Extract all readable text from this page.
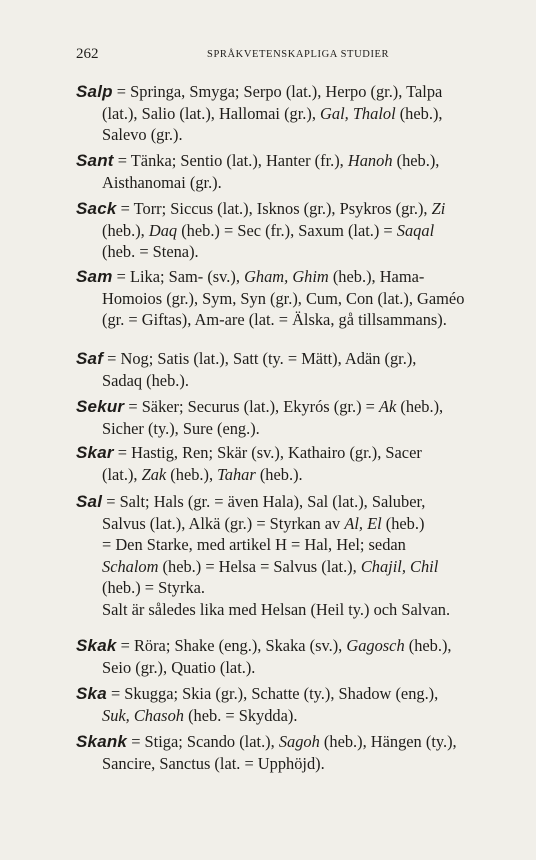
262	SPRÅKVETENSKAPLIGA STUDIER
Salp = Springa, Smyga; Serpo (lat.), Herpo (gr.), Talpa
(lat.), Salio (lat.), Hallomai (gr.), Gal, Thalol (heb.),
Salevo (gr.).
Sant = Tänka; Sentio (lat.), Hanter (fr.), Hanoh (heb.),
Aisthanomai (gr.).
Sack = Torr; Siccus (lat.), Isknos (gr.), Psykros (gr.), Zi
(heb.), Daq (heb.) = Sec (fr.), Saxum (lat.) = Saqal
(heb. = Stena).
Sam = Lika; Sam- (sv.), Gham, Ghim (heb.), Hama-
Homoios (gr.), Sym, Syn (gr.), Cum, Con (lat.), Gaméo
(gr. = Giftas), Am-are (lat. = Älska, gå tillsammans).
Saf = Nog; Satis (lat.), Satt (ty. = Mätt), Adän (gr.),
Sadaq (heb.).
Sekur = Säker; Securus (lat.), Ekyrós (gr.) = Ak (heb.),
Sicher (ty.), Sure (eng.).
Skar = Hastig, Ren; Skär (sv.), Kathairo (gr.), Sacer
(lat.), Zak (heb.), Tahar (heb.).
Sal = Salt; Hals (gr. = även Hala), Sal (lat.), Saluber,
Salvus (lat.), Alkä (gr.) = Styrkan av Al, El (heb.)
= Den Starke, med artikel H = Hal, Hel; sedan
Schalom (heb.) = Helsa = Salvus (lat.), Chajil, Chil
(heb.) = Styrka.
Salt är således lika med Helsan (Heil ty.) och Salvan.
Skak = Röra; Shake (eng.), Skaka (sv.), Gagosch (heb.),
Seio (gr.), Quatio (lat.).
Ska = Skugga; Skia (gr.), Schatte (ty.), Shadow (eng.),
Suk, Chasoh (heb. = Skydda).
Skank = Stiga; Scando (lat.), Sagoh (heb.), Hängen (ty.),
Sancire, Sanctus (lat. = Upphöjd).
